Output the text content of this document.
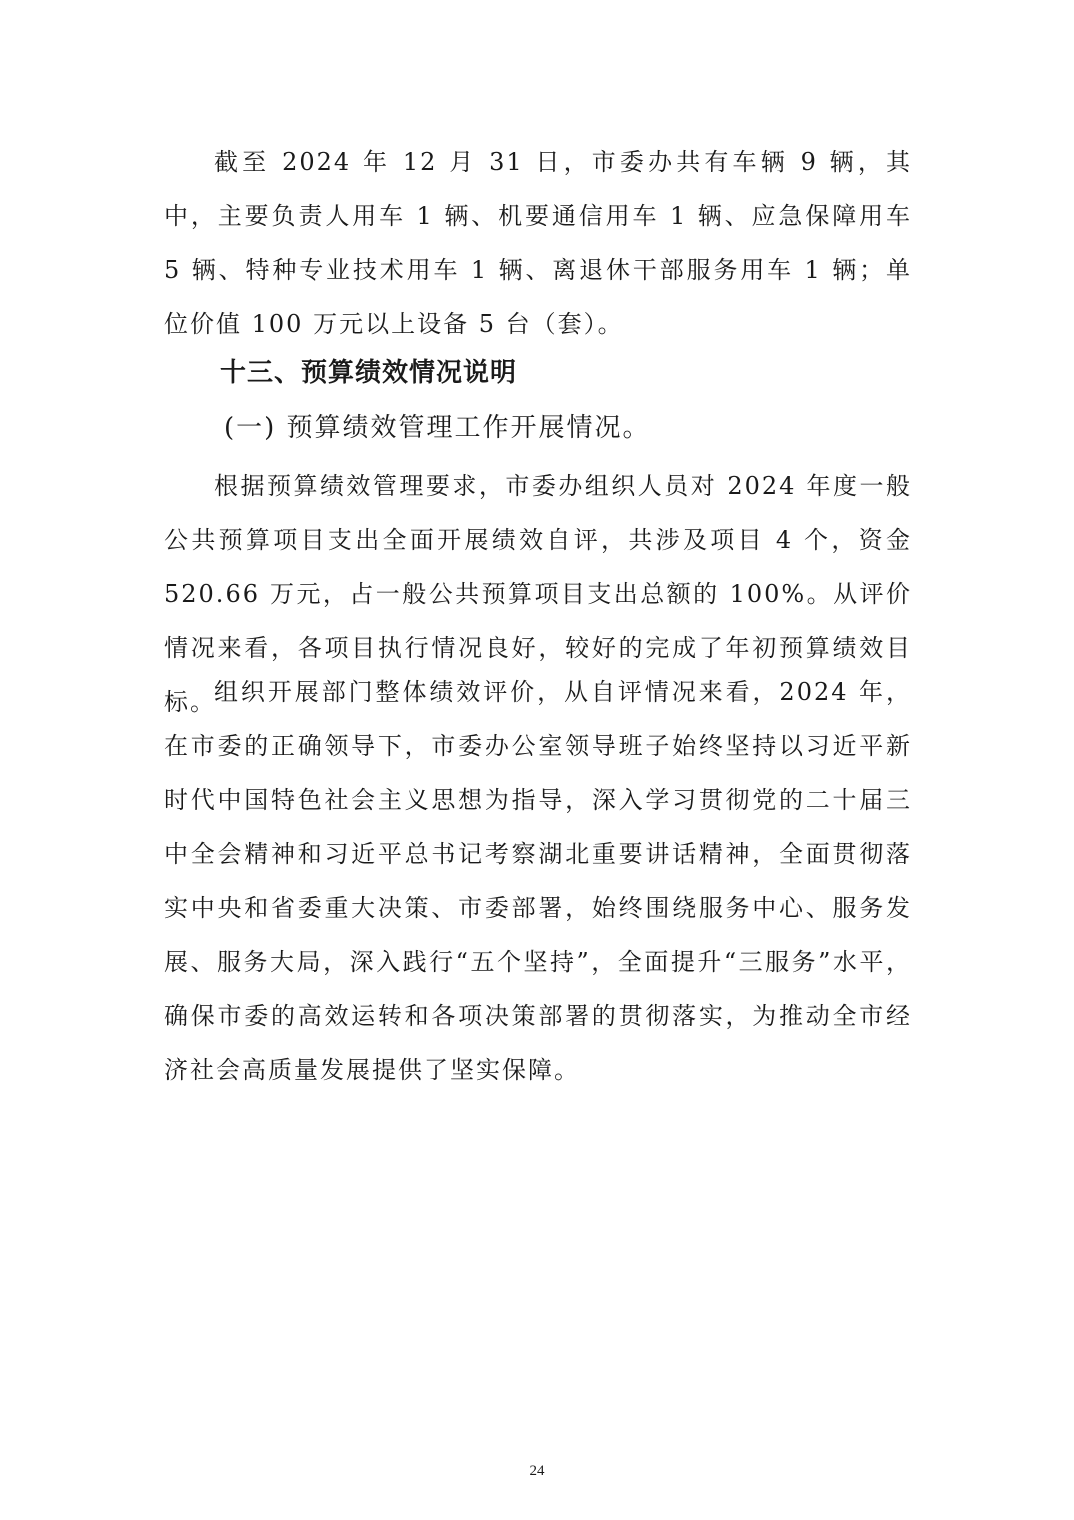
截至 2024 年 12 月 31 日，市委办共有车辆 9 辆，其中，主要负责人用车 1 辆、机要通信用车 1 辆、应急保障用车 5 辆、特种专业技术用车 1 辆、离退休干部服务用车 1 辆；单位价值 100 万元以上设备 5 台（套）。

十三、预算绩效情况说明
(一) 预算绩效管理工作开展情况。

根据预算绩效管理要求，市委办组织人员对 2024 年度一般公共预算项目支出全面开展绩效自评，共涉及项目 4 个，资金 520.66 万元，占一般公共预算项目支出总额的 100%。从评价情况来看，各项目执行情况良好，较好的完成了年初预算绩效目标。

组织开展部门整体绩效评价，从自评情况来看，2024 年，在市委的正确领导下，市委办公室领导班子始终坚持以习近平新时代中国特色社会主义思想为指导，深入学习贯彻党的二十届三中全会精神和习近平总书记考察湖北重要讲话精神，全面贯彻落实中央和省委重大决策、市委部署，始终围绕服务中心、服务发展、服务大局，深入践行“五个坚持”，全面提升“三服务”水平，确保市委的高效运转和各项决策部署的贯彻落实，为推动全市经济社会高质量发展提供了坚实保障。

24
